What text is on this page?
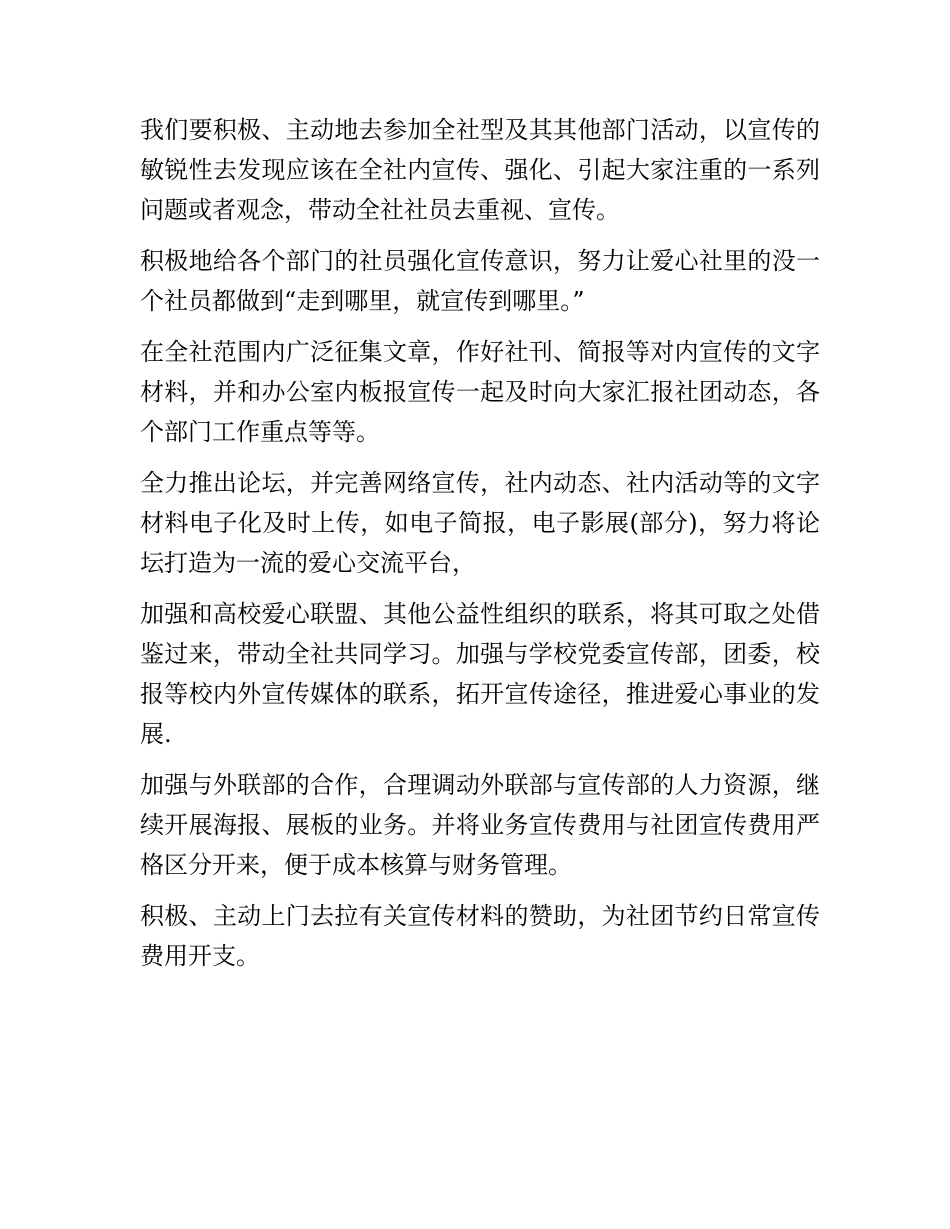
我们要积极、主动地去参加全社型及其其他部门活动，以宣传的敏锐性去发现应该在全社内宣传、强化、引起大家注重的一系列问题或者观念，带动全社社员去重视、宣传。

积极地给各个部门的社员强化宣传意识，努力让爱心社里的没一个社员都做到“走到哪里，就宣传到哪里。”

在全社范围内广泛征集文章，作好社刊、简报等对内宣传的文字材料，并和办公室内板报宣传一起及时向大家汇报社团动态，各个部门工作重点等等。

全力推出论坛，并完善网络宣传，社内动态、社内活动等的文字材料电子化及时上传，如电子简报，电子影展(部分)，努力将论坛打造为一流的爱心交流平台，

加强和高校爱心联盟、其他公益性组织的联系，将其可取之处借鉴过来，带动全社共同学习。加强与学校党委宣传部，团委，校报等校内外宣传媒体的联系，拓开宣传途径，推进爱心事业的发展.

加强与外联部的合作，合理调动外联部与宣传部的人力资源，继续开展海报、展板的业务。并将业务宣传费用与社团宣传费用严格区分开来，便于成本核算与财务管理。

积极、主动上门去拉有关宣传材料的赞助，为社团节约日常宣传费用开支。
